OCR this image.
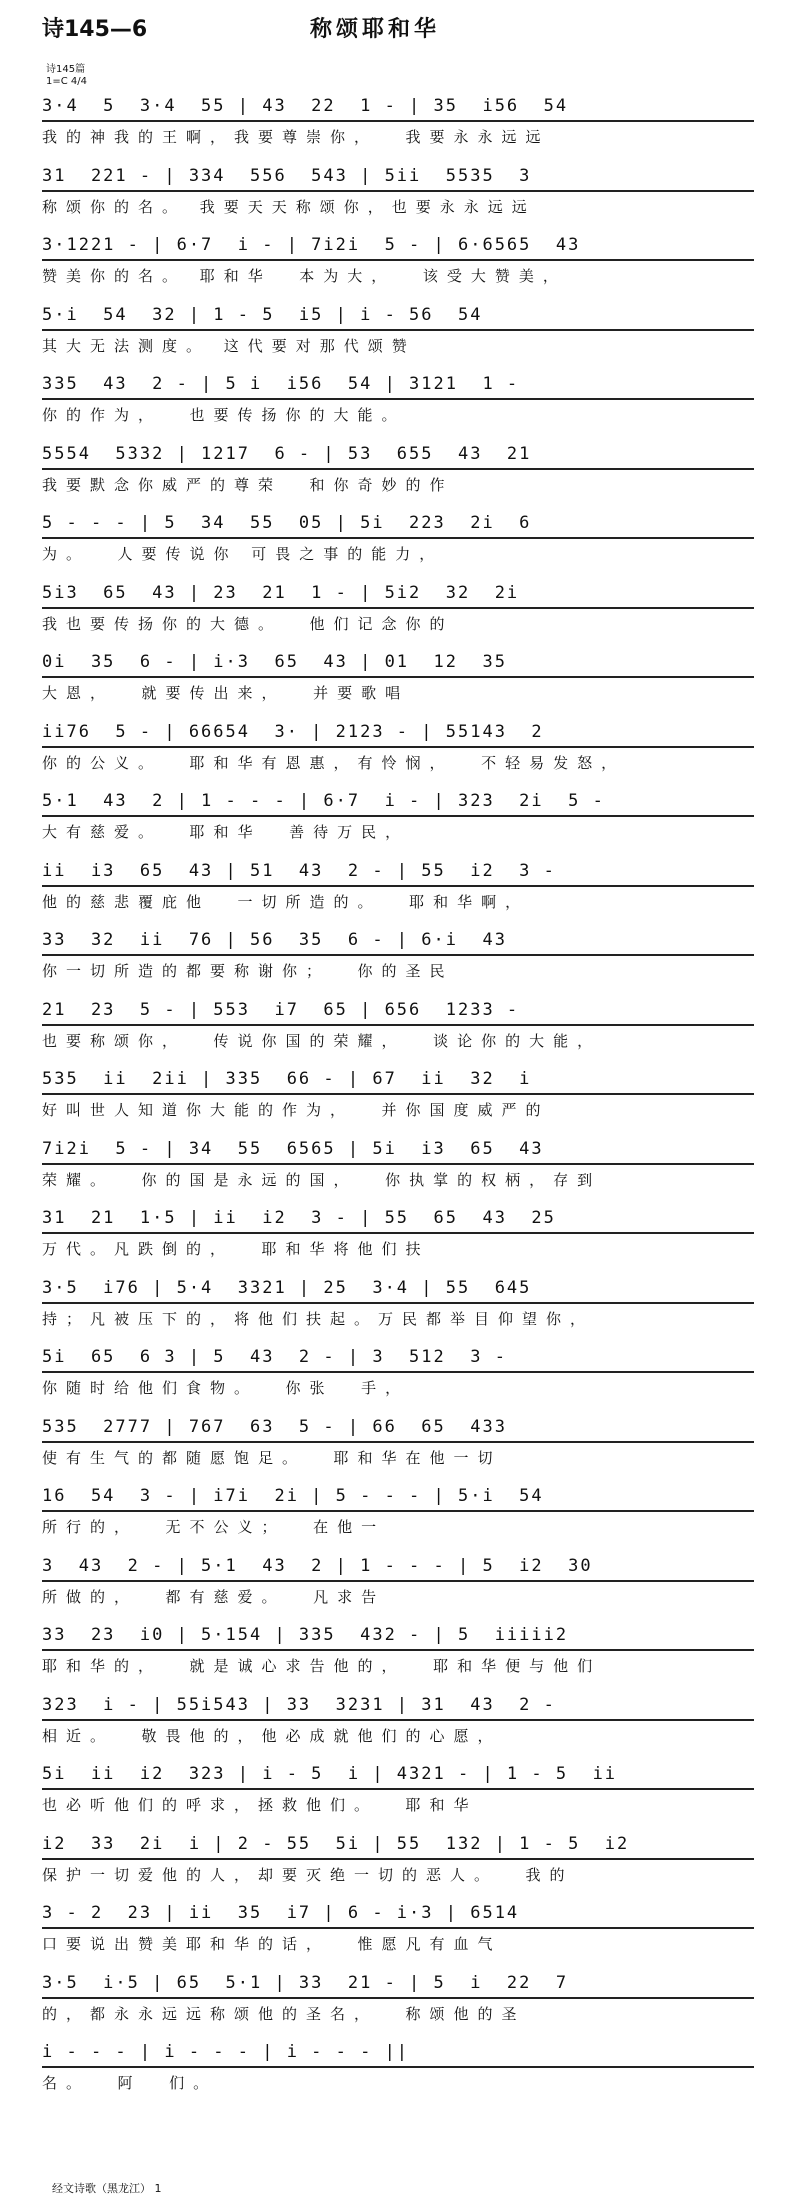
诗145—6	称颂耶和华
诗145篇
1=C 4/4
3·4  5  3·4  55 | 43  22  1 - | 35  i56  54
我的神我的王啊，我要尊崇你，  我要永永远远
31  221 - | 334  556  543 | 5ii  5535  3
称颂你的名。 我要天天称颂你，也要永永远远
3·1221 - | 6·7  i - | 7i2i  5 - | 6·6565  43
赞美你的名。 耶和华  本为大，  该受大赞美，
5·i  54  32 | 1 - 5  i5 | i - 56  54
其大无法测度。 这代要对那代颂赞
335  43  2 - | 5 i  i56  54 | 3121  1 -
你的作为，  也要传扬你的大能。
5554  5332 | 1217  6 - | 53  655  43  21
我要默念你威严的尊荣  和你奇妙的作
5 - - - | 5  34  55  05 | 5i  223  2i  6
为。  人要传说你 可畏之事的能力，
5i3  65  43 | 23  21  1 - | 5i2  32  2i
我也要传扬你的大德。  他们记念你的
0i  35  6 - | i·3  65  43 | 01  12  35
大恩，  就要传出来，  并要歌唱
ii76  5 - | 66654  3· | 2123 - | 55143  2
你的公义。  耶和华有恩惠，有怜悯，  不轻易发怒，
5·1  43  2 | 1 - - - | 6·7  i - | 323  2i  5 -
大有慈爱。  耶和华  善待万民，
ii  i3  65  43 | 51  43  2 - | 55  i2  3 -
他的慈悲覆庇他  一切所造的。  耶和华啊，
33  32  ii  76 | 56  35  6 - | 6·i  43
你一切所造的都要称谢你；  你的圣民
21  23  5 - | 553  i7  65 | 656  1233 -
也要称颂你，  传说你国的荣耀，  谈论你的大能，
535  ii  2ii | 335  66 - | 67  ii  32  i
好叫世人知道你大能的作为，  并你国度威严的
7i2i  5 - | 34  55  6565 | 5i  i3  65  43
荣耀。  你的国是永远的国，  你执掌的权柄，存到
31  21  1·5 | ii  i2  3 - | 55  65  43  25
万代。凡跌倒的，  耶和华将他们扶
3·5  i76 | 5·4  3321 | 25  3·4 | 55  645
持；凡被压下的，将他们扶起。万民都举目仰望你，
5i  65  6 3 | 5  43  2 - | 3  512  3 -
你随时给他们食物。  你张  手，
535  2777 | 767  63  5 - | 66  65  433
使有生气的都随愿饱足。  耶和华在他一切
16  54  3 - | i7i  2i | 5 - - - | 5·i  54
所行的，  无不公义；  在他一
3  43  2 - | 5·1  43  2 | 1 - - - | 5  i2  30
所做的，  都有慈爱。  凡求告
33  23  i0 | 5·154 | 335  432 - | 5  iiiii2
耶和华的，  就是诚心求告他的，  耶和华便与他们
323  i - | 55i543 | 33  3231 | 31  43  2 -
相近。  敬畏他的，他必成就他们的心愿，
5i  ii  i2  323 | i - 5  i | 4321 - | 1 - 5  ii
也必听他们的呼求，拯救他们。  耶和华
i2  33  2i  i | 2 - 55  5i | 55  132 | 1 - 5  i2
保护一切爱他的人，却要灭绝一切的恶人。  我的
3 - 2  23 | ii  35  i7 | 6 - i·3 | 6514
口要说出赞美耶和华的话，  惟愿凡有血气
3·5  i·5 | 65  5·1 | 33  21 - | 5  i  22  7
的，都永永远远称颂他的圣名，  称颂他的圣
i - - - | i - - - | i - - - ||
名。  阿  们。
经文诗歌（黑龙江） 1
